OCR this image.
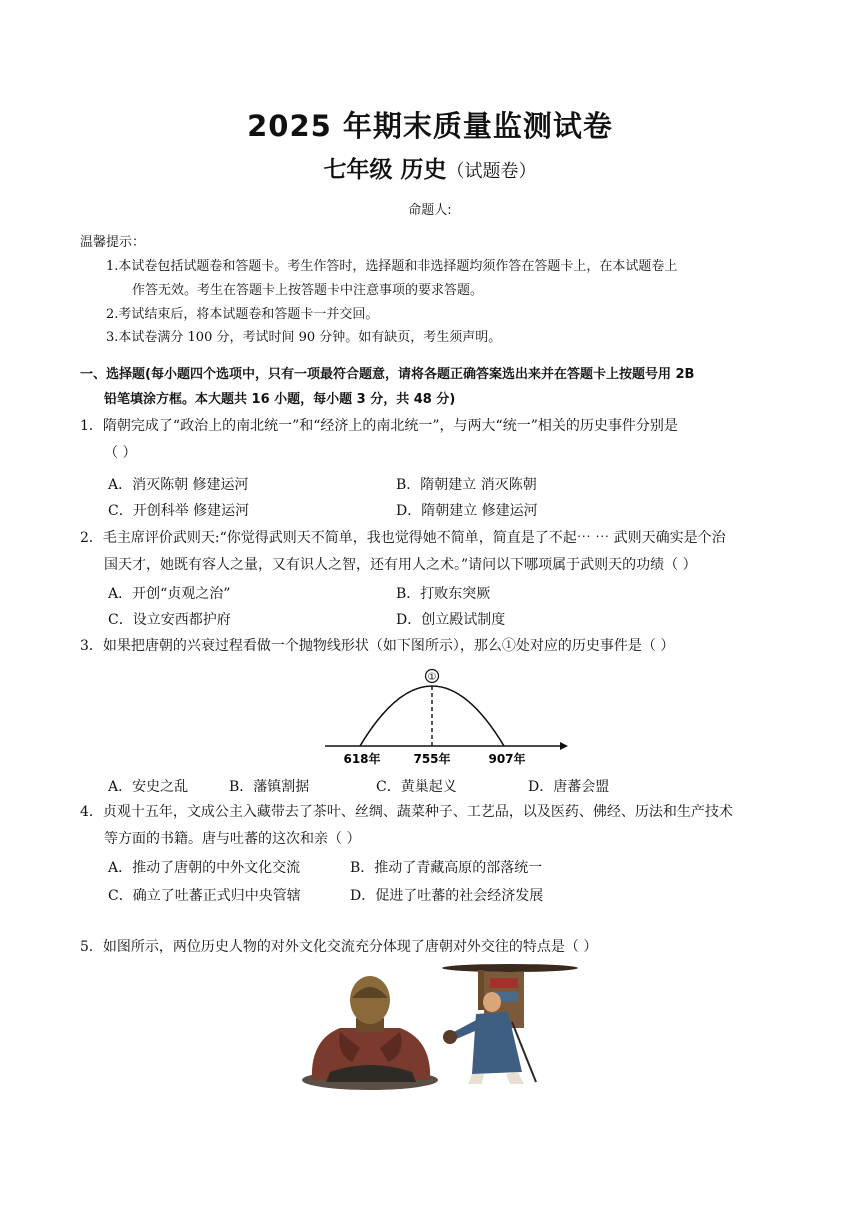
2025 年期末质量监测试卷
七年级 历史（试题卷）
命题人:
温馨提示：
1.本试卷包括试题卷和答题卡。考生作答时，选择题和非选择题均须作答在答题卡上，在本试题卷上
作答无效。考生在答题卡上按答题卡中注意事项的要求答题。
2.考试结束后，将本试题卷和答题卡一并交回。
3.本试卷满分 100 分，考试时间 90 分钟。如有缺页，考生须声明。
一、选择题(每小题四个选项中，只有一项最符合题意，请将各题正确答案选出来并在答题卡上按题号用 2B
铅笔填涂方框。本大题共 16 小题，每小题 3 分，共 48 分)
1．隋朝完成了“政治上的南北统一”和“经济上的南北统一”，与两大“统一”相关的历史事件分别是
（ ）
A．消灭陈朝 修建运河	B．隋朝建立 消灭陈朝
C．开创科举 修建运河	D．隋朝建立 修建运河
2．毛主席评价武则天:“你觉得武则天不简单，我也觉得她不简单，简直是了不起⋯ ⋯ 武则天确实是个治
国天才，她既有容人之量，又有识人之智，还有用人之术。”请问以下哪项属于武则天的功绩（ ）
A．开创“贞观之治”	B．打败东突厥
C．设立安西都护府	D．创立殿试制度
3．如果把唐朝的兴衰过程看做一个抛物线形状（如下图所示），那么①处对应的历史事件是（ ）
①
618年	755年	907年
A．安史之乱	B．藩镇割据	C．黄巢起义	D．唐蕃会盟
4．贞观十五年，文成公主入藏带去了茶叶、丝绸、蔬菜种子、工艺品，以及医药、佛经、历法和生产技术
等方面的书籍。唐与吐蕃的这次和亲（ ）
A．推动了唐朝的中外文化交流	B．推动了青藏高原的部落统一
C．确立了吐蕃正式归中央管辖	D．促进了吐蕃的社会经济发展
5．如图所示，两位历史人物的对外文化交流充分体现了唐朝对外交往的特点是（ ）
